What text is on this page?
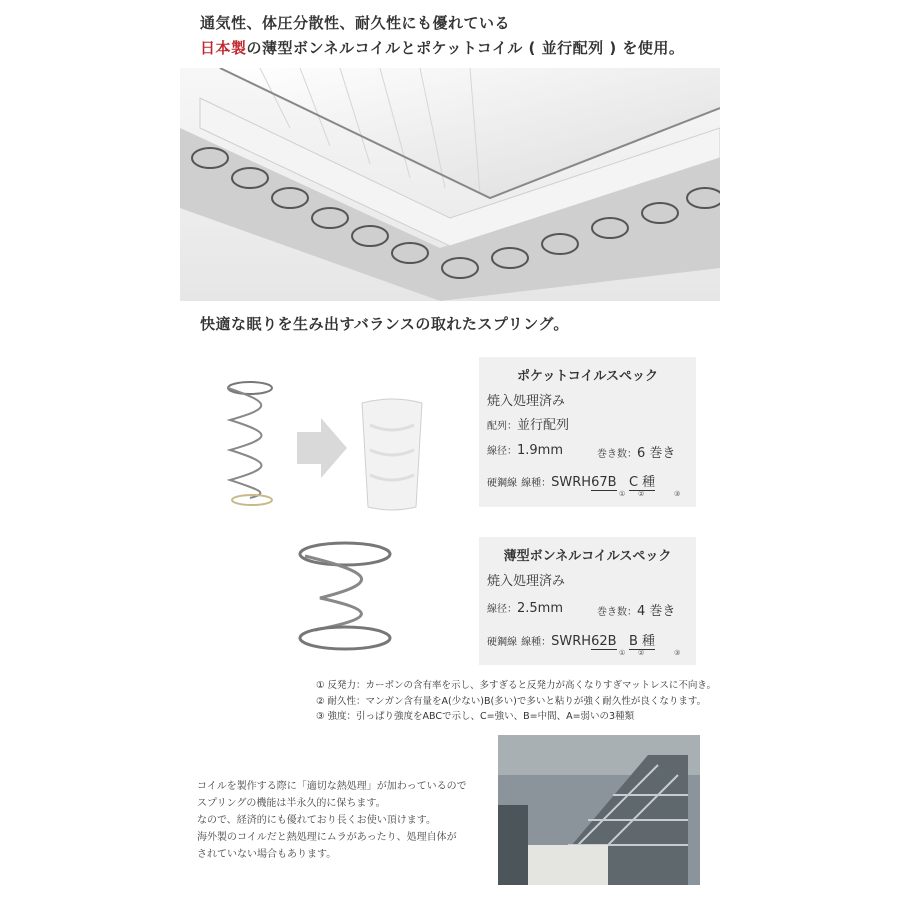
通気性、体圧分散性、耐久性にも優れている
日本製の薄型ボンネルコイルとポケットコイル ( 並行配列 ) を使用。
快適な眠りを生み出すバランスの取れたスプリング。
ポケットコイルスペック
焼入処理済み
配列：並行配列
線径：1.9mm	巻き数：6 巻き
硬鋼線 線種：SWRH67B C 種
① ②	③
薄型ボンネルコイルスペック
焼入処理済み
線径：2.5mm	巻き数：4 巻き
硬鋼線 線種：SWRH62B B 種
① ②	③
① 反発力：カーボンの含有率を示し、多すぎると反発力が高くなりすぎマットレスに不向き。
② 耐久性：マンガン含有量をA(少ない)B(多い)で多いと粘りが強く耐久性が良くなります。
③ 強度：引っぱり強度をABCで示し、C=強い、B=中間、A=弱いの3種類
コイルを製作する際に「適切な熱処理」が加わっているので
スプリングの機能は半永久的に保ちます。
なので、経済的にも優れており長くお使い頂けます。
海外製のコイルだと熱処理にムラがあったり、処理自体が
されていない場合もあります。
